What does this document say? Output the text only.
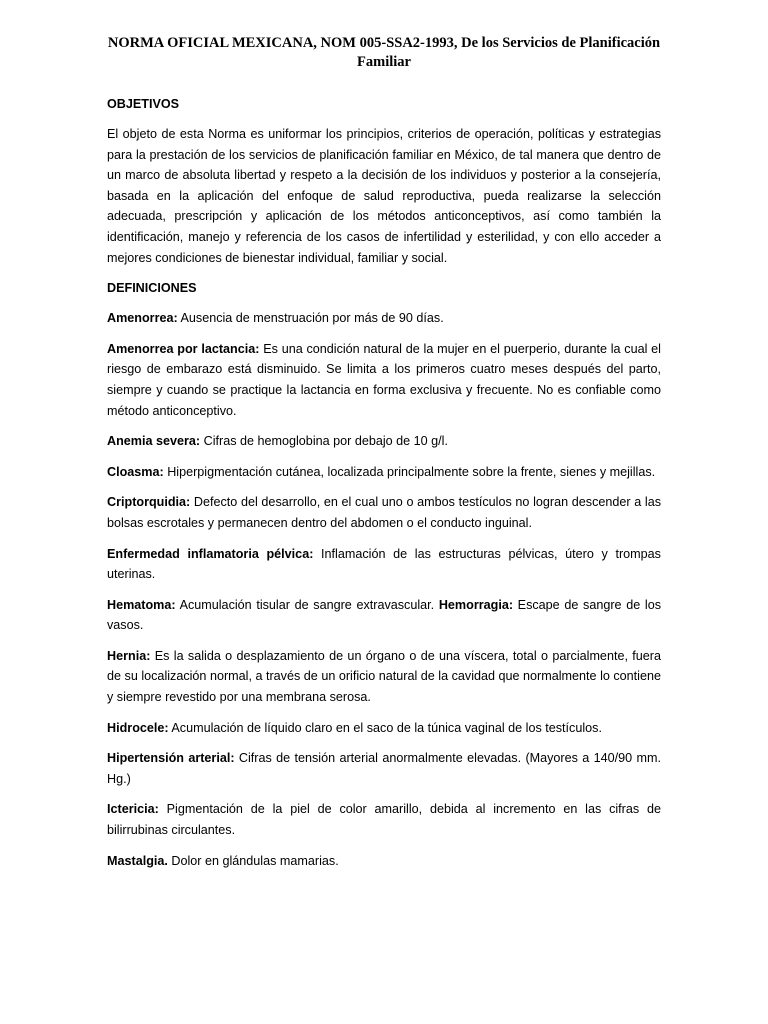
NORMA OFICIAL MEXICANA, NOM 005-SSA2-1993, De los Servicios de Planificación Familiar
OBJETIVOS
El objeto de esta Norma es uniformar los principios, criterios de operación, políticas y estrategias para la prestación de los servicios de planificación familiar en México, de tal manera que dentro de un marco de absoluta libertad y respeto a la decisión de los individuos y posterior a la consejería, basada en la aplicación del enfoque de salud reproductiva, pueda realizarse la selección adecuada, prescripción y aplicación de los métodos anticonceptivos, así como también la identificación, manejo y referencia de los casos de infertilidad y esterilidad, y con ello acceder a mejores condiciones de bienestar individual, familiar y social.
DEFINICIONES
Amenorrea: Ausencia de menstruación por más de 90 días.
Amenorrea por lactancia: Es una condición natural de la mujer en el puerperio, durante la cual el riesgo de embarazo está disminuido. Se limita a los primeros cuatro meses después del parto, siempre y cuando se practique la lactancia en forma exclusiva y frecuente. No es confiable como método anticonceptivo.
Anemia severa: Cifras de hemoglobina por debajo de 10 g/l.
Cloasma: Hiperpigmentación cutánea, localizada principalmente sobre la frente, sienes y mejillas.
Criptorquidia: Defecto del desarrollo, en el cual uno o ambos testículos no logran descender a las bolsas escrotales y permanecen dentro del abdomen o el conducto inguinal.
Enfermedad inflamatoria pélvica: Inflamación de las estructuras pélvicas, útero y trompas uterinas.
Hematoma: Acumulación tisular de sangre extravascular. Hemorragia: Escape de sangre de los vasos.
Hernia: Es la salida o desplazamiento de un órgano o de una víscera, total o parcialmente, fuera de su localización normal, a través de un orificio natural de la cavidad que normalmente lo contiene y siempre revestido por una membrana serosa.
Hidrocele: Acumulación de líquido claro en el saco de la túnica vaginal de los testículos.
Hipertensión arterial: Cifras de tensión arterial anormalmente elevadas. (Mayores a 140/90 mm. Hg.)
Ictericia: Pigmentación de la piel de color amarillo, debida al incremento en las cifras de bilirrubinas circulantes.
Mastalgia. Dolor en glándulas mamarias.
